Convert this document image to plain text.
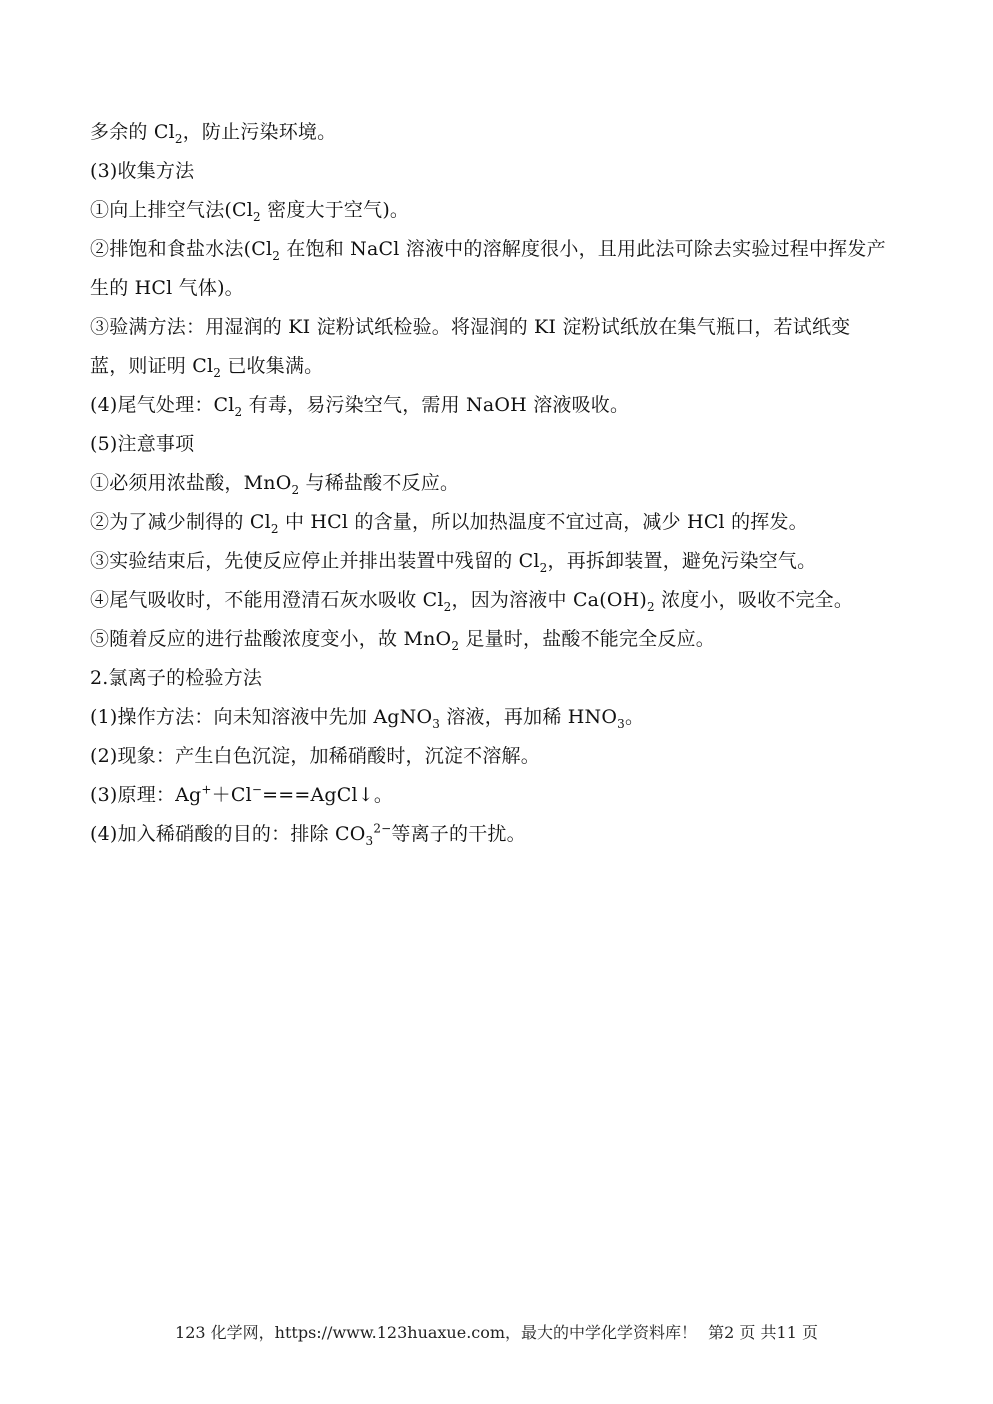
多余的 $Cl_2$，防止污染环境。
(3)收集方法
①向上排空气法($Cl_2$ 密度大于空气)。
②排饱和食盐水法($Cl_2$ 在饱和 NaCl 溶液中的溶解度很小，且用此法可除去实验过程中挥发产
生的 HCl 气体)。
③验满方法：用湿润的 KI 淀粉试纸检验。将湿润的 KI 淀粉试纸放在集气瓶口，若试纸变
蓝，则证明 $Cl_2$ 已收集满。
(4)尾气处理：$Cl_2$ 有毒，易污染空气，需用 NaOH 溶液吸收。
(5)注意事项
①必须用浓盐酸，MnO$_2$ 与稀盐酸不反应。
②为了减少制得的 $Cl_2$ 中 HCl 的含量，所以加热温度不宜过高，减少 HCl 的挥发。
③实验结束后，先使反应停止并排出装置中残留的 $Cl_2$，再拆卸装置，避免污染空气。
④尾气吸收时，不能用澄清石灰水吸收 $Cl_2$，因为溶液中 $Ca(OH)_2$ 浓度小，吸收不完全。
⑤随着反应的进行盐酸浓度变小，故 MnO$_2$ 足量时，盐酸不能完全反应。
2.氯离子的检验方法
(1)操作方法：向未知溶液中先加 AgNO$_3$ 溶液，再加稀 $HNO_3$。
(2)现象：产生白色沉淀，加稀硝酸时，沉淀不溶解。
(3)原理：Ag+＋Cl−===AgCl↓。
(4)加入稀硝酸的目的：排除 $CO_3^{2-}$等离子的干扰。
123 化学网，https://www.123huaxue.com，最大的中学化学资料库！ 第2 页 共11 页
